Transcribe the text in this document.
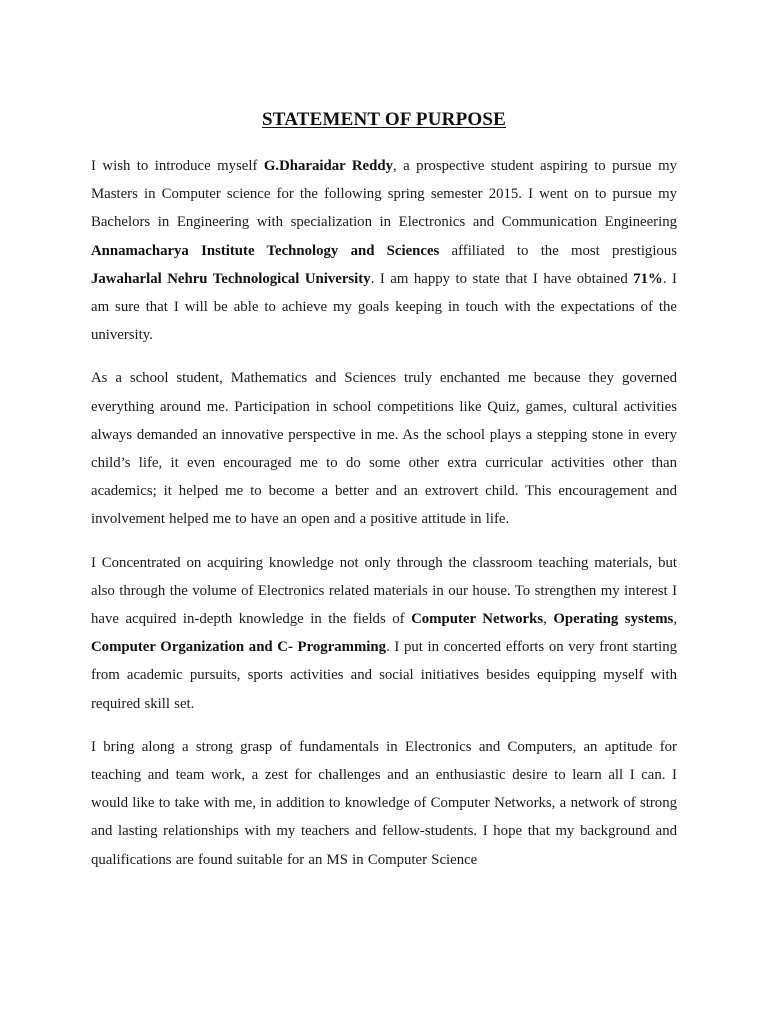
STATEMENT OF PURPOSE

I wish to introduce myself G.Dharaidar Reddy, a prospective student aspiring to pursue my Masters in Computer science for the following spring semester 2015. I went on to pursue my Bachelors in Engineering with specialization in Electronics and Communication Engineering Annamacharya Institute Technology and Sciences affiliated to the most prestigious Jawaharlal Nehru Technological University. I am happy to state that I have obtained 71%. I am sure that I will be able to achieve my goals keeping in touch with the expectations of the university.

As a school student, Mathematics and Sciences truly enchanted me because they governed everything around me. Participation in school competitions like Quiz, games, cultural activities always demanded an innovative perspective in me. As the school plays a stepping stone in every child’s life, it even encouraged me to do some other extra curricular activities other than academics; it helped me to become a better and an extrovert child. This encouragement and involvement helped me to have an open and a positive attitude in life.

I Concentrated on acquiring knowledge not only through the classroom teaching materials, but also through the volume of Electronics related materials in our house. To strengthen my interest I have acquired in-depth knowledge in the fields of Computer Networks, Operating systems, Computer Organization and C- Programming. I put in concerted efforts on very front starting from academic pursuits, sports activities and social initiatives besides equipping myself with required skill set.

I bring along a strong grasp of fundamentals in Electronics and Computers, an aptitude for teaching and team work, a zest for challenges and an enthusiastic desire to learn all I can. I would like to take with me, in addition to knowledge of Computer Networks, a network of strong and lasting relationships with my teachers and fellow-students. I hope that my background and qualifications are found suitable for an MS in Computer Science
